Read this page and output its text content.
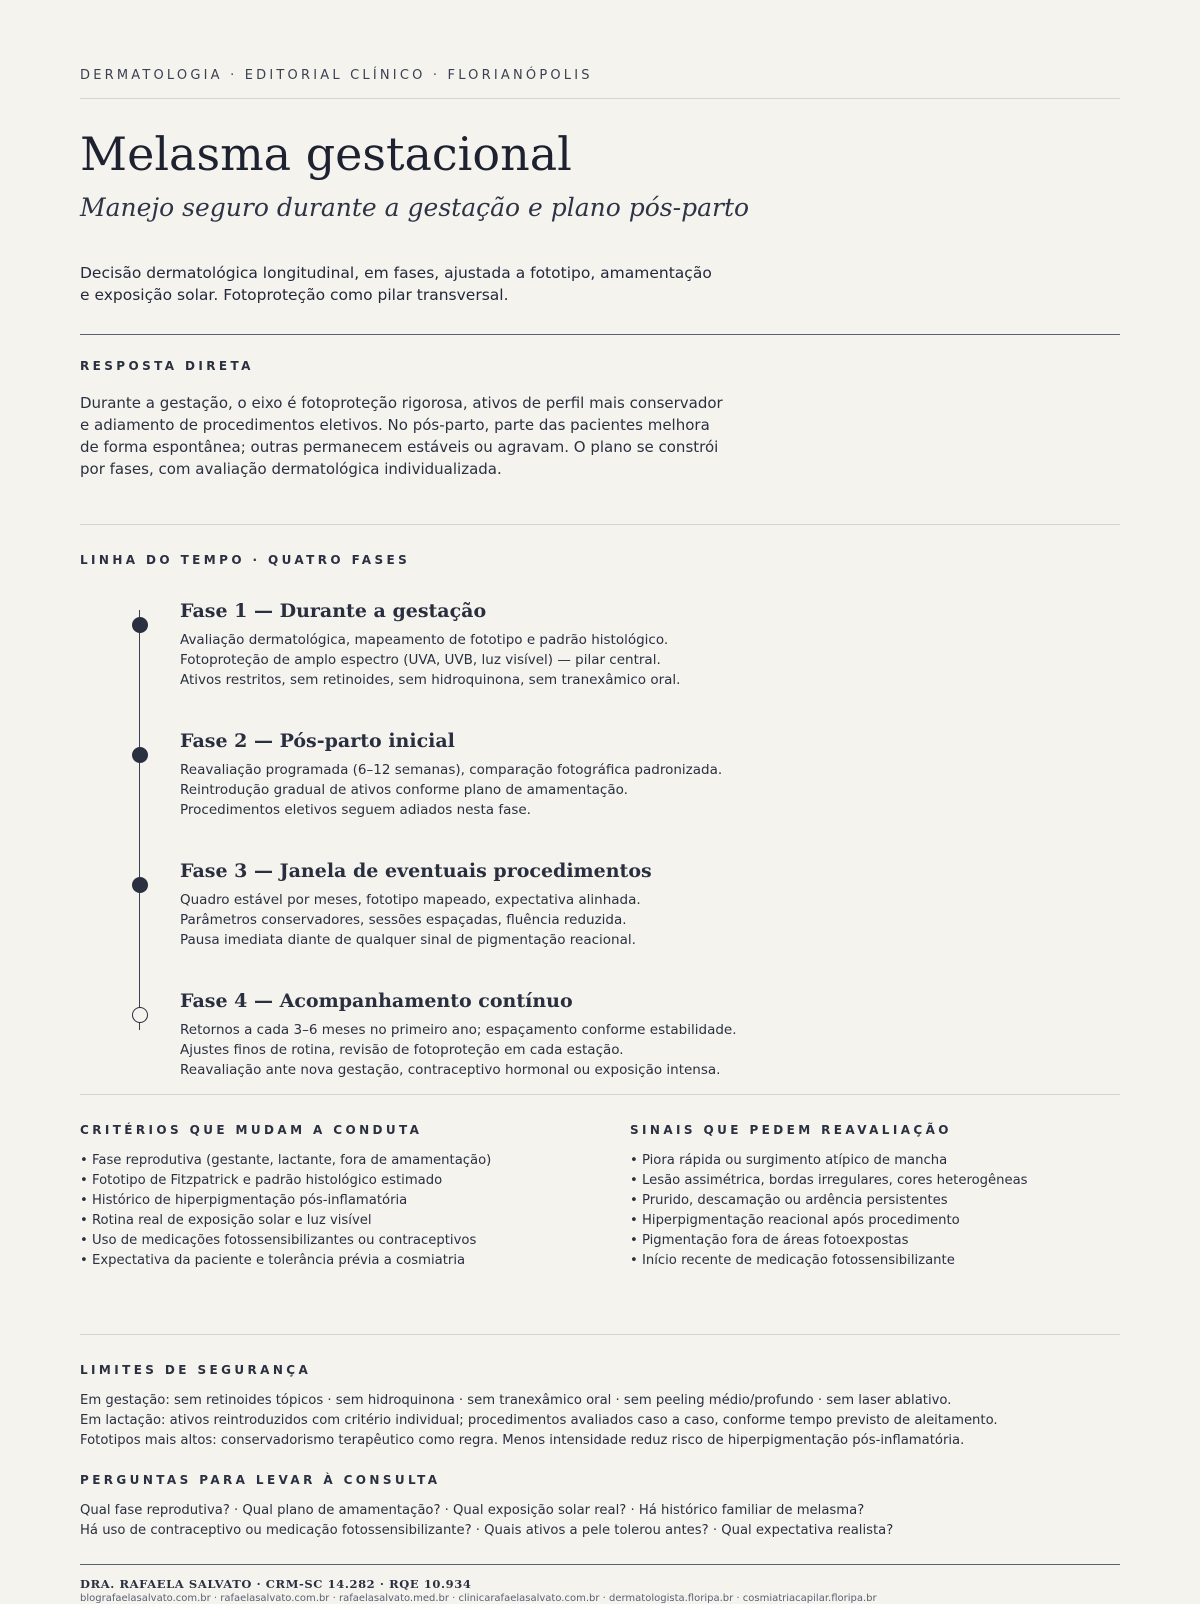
DERMATOLOGIA · EDITORIAL CLÍNICO · FLORIANÓPOLIS
Melasma gestacional
Manejo seguro durante a gestação e plano pós-parto
Decisão dermatológica longitudinal, em fases, ajustada a fototipo, amamentação e exposição solar. Fotoproteção como pilar transversal.
RESPOSTA DIRETA
Durante a gestação, o eixo é fotoproteção rigorosa, ativos de perfil mais conservador e adiamento de procedimentos eletivos. No pós-parto, parte das pacientes melhora de forma espontânea; outras permanecem estáveis ou agravam. O plano se constrói por fases, com avaliação dermatológica individualizada.
LINHA DO TEMPO · QUATRO FASES
Fase 1 — Durante a gestação
Avaliação dermatológica, mapeamento de fototipo e padrão histológico.
Fotoproteção de amplo espectro (UVA, UVB, luz visível) — pilar central.
Ativos restritos, sem retinoides, sem hidroquinona, sem tranexâmico oral.
Fase 2 — Pós-parto inicial
Reavaliação programada (6–12 semanas), comparação fotográfica padronizada.
Reintrodução gradual de ativos conforme plano de amamentação.
Procedimentos eletivos seguem adiados nesta fase.
Fase 3 — Janela de eventuais procedimentos
Quadro estável por meses, fototipo mapeado, expectativa alinhada.
Parâmetros conservadores, sessões espaçadas, fluência reduzida.
Pausa imediata diante de qualquer sinal de pigmentação reacional.
Fase 4 — Acompanhamento contínuo
Retornos a cada 3–6 meses no primeiro ano; espaçamento conforme estabilidade.
Ajustes finos de rotina, revisão de fotoproteção em cada estação.
Reavaliação ante nova gestação, contraceptivo hormonal ou exposição intensa.
CRITÉRIOS QUE MUDAM A CONDUTA
• Fase reprodutiva (gestante, lactante, fora de amamentação)
• Fototipo de Fitzpatrick e padrão histológico estimado
• Histórico de hiperpigmentação pós-inflamatória
• Rotina real de exposição solar e luz visível
• Uso de medicações fotossensibilizantes ou contraceptivos
• Expectativa da paciente e tolerância prévia a cosmiatria
SINAIS QUE PEDEM REAVALIAÇÃO
• Piora rápida ou surgimento atípico de mancha
• Lesão assimétrica, bordas irregulares, cores heterogêneas
• Prurido, descamação ou ardência persistentes
• Hiperpigmentação reacional após procedimento
• Pigmentação fora de áreas fotoexpostas
• Início recente de medicação fotossensibilizante
LIMITES DE SEGURANÇA
Em gestação: sem retinoides tópicos · sem hidroquinona · sem tranexâmico oral · sem peeling médio/profundo · sem laser ablativo.
Em lactação: ativos reintroduzidos com critério individual; procedimentos avaliados caso a caso, conforme tempo previsto de aleitamento.
Fototipos mais altos: conservadorismo terapêutico como regra. Menos intensidade reduz risco de hiperpigmentação pós-inflamatória.
PERGUNTAS PARA LEVAR À CONSULTA
Qual fase reprodutiva? · Qual plano de amamentação? · Qual exposição solar real? · Há histórico familiar de melasma?
Há uso de contraceptivo ou medicação fotossensibilizante? · Quais ativos a pele tolerou antes? · Qual expectativa realista?
DRA. RAFAELA SALVATO · CRM-SC 14.282 · RQE 10.934
blografaelasalvato.com.br · rafaelasalvato.com.br · rafaelasalvato.med.br · clinicarafaelasalvato.com.br · dermatologista.floripa.br · cosmiatriacapilar.floripa.br
